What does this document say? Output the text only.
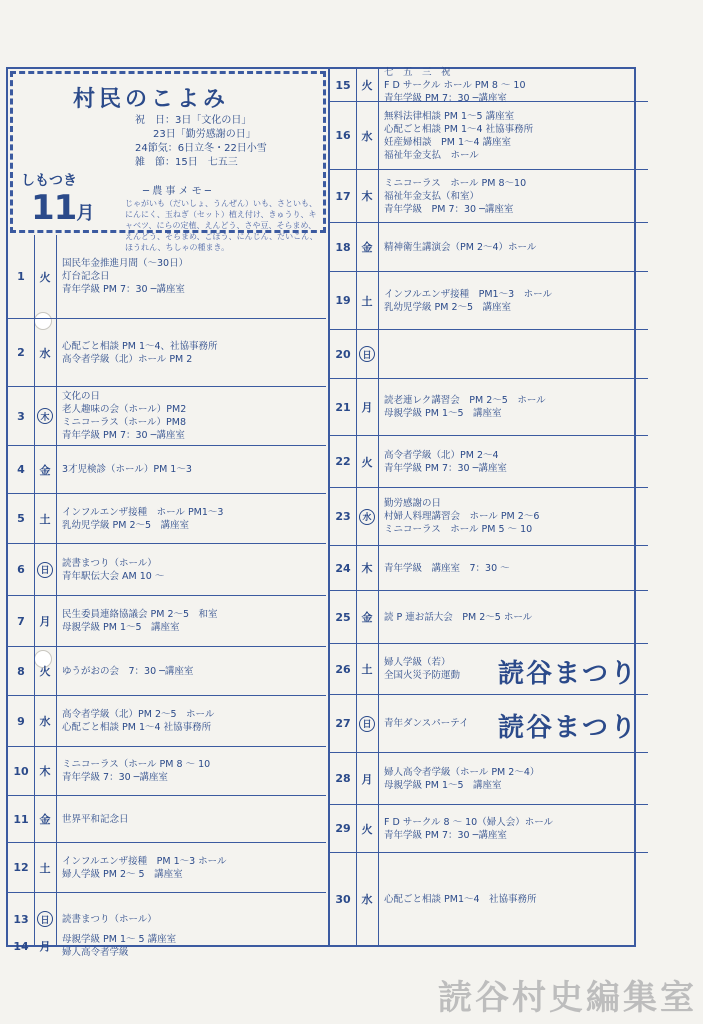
村民のこよみ
祝　日：3日「文化の日」
23日「勤労感謝の日」
24節気：6日立冬・22日小雪
雑　節：15日　七五三
しもつき
11月
─ 農 事 メ モ ─
じゃがいも（だいしょ、うんぜん）いも、さといも、にんにく、玉ねぎ（セット）植え付け、きゅうり、キャベツ、にらの定植、えんどう、さや豆、そらまめ、えんどう、そらまめ、ごぼう、にんじん、だいこん、ほうれん、ちしゃの種まき。
1	火
国民年金推進月間（～30日）
灯台記念日
青年学級 PM 7：30 ─講座室
2	水
心配ごと相談 PM 1～4、社協事務所
高令者学級（北）ホール PM 2
3	木
文化の日
老人趣味の会（ホール）PM2
ミニコーラス（ホール）PM8
青年学級 PM 7：30 ─講座室
4	金	3才児検診（ホール）PM 1～3
5	土
インフルエンザ接種　ホール PM1～3
乳幼児学級 PM 2～5　講座室
6	日
読書まつり（ホール）
青年駅伝大会 AM 10 ～
7	月
民生委員連絡協議会 PM 2～5　和室
母親学級 PM 1～5　講座室
8	火	ゆうがおの会　7：30 ─講座室
9	水
高令者学級（北）PM 2～5　ホール
心配ごと相談 PM 1～4 社協事務所
10 木
ミニコーラス（ホール PM 8 ～ 10
青年学級 7：30 ─講座室
11 金	世界平和記念日
12 土
インフルエンザ接種　PM 1～3 ホール
婦人学級 PM 2～ 5　講座室
13	日	読書まつり（ホール）
14 月
母親学級 PM 1～ 5 講座室
婦人高令者学級
15 火
七　五　三　祝
F D サークル ホール PM 8 ～ 10
青年学級 PM 7：30 ─講座室
16 水
無料法律相談 PM 1～5 講座室
心配ごと相談 PM 1～4 社協事務所
妊産婦相談　PM 1～4 講座室
福祉年金支払　ホール
17 木
ミニコーラス　ホール PM 8～10
福祉年金支払（和室）
青年学級　PM 7：30 ─講座室
18 金	精神衛生講演会（PM 2～4）ホール
19 土
インフルエンザ接種　PM1～3　ホール
乳幼児学級 PM 2～5　講座室
20	日
21 月
読老連レク講習会　PM 2～5　ホール
母親学級 PM 1～5　講座室
22 火
高令者学級（北）PM 2～4
青年学級 PM 7：30 ─講座室
23	水
勤労感謝の日
村婦人料理講習会　ホール PM 2～6
ミニコーラス　ホール PM 5 ～ 10
24 木	青年学級　講座室　7：30 ～
25 金	読 P 連お話大会　PM 2～5 ホール
26 土
婦人学級（若）
全国火災予防運動	読谷まつり
27	日	青年ダンスパーテイ	読谷まつり
28 月
婦人高令者学級（ホール PM 2～4）
母親学級 PM 1～5　講座室
29 火
F D サークル 8 ～ 10（婦人会）ホール
青年学級 PM 7：30 ─講座室
30 水	心配ごと相談 PM1～4　社協事務所
読谷村史編集室
